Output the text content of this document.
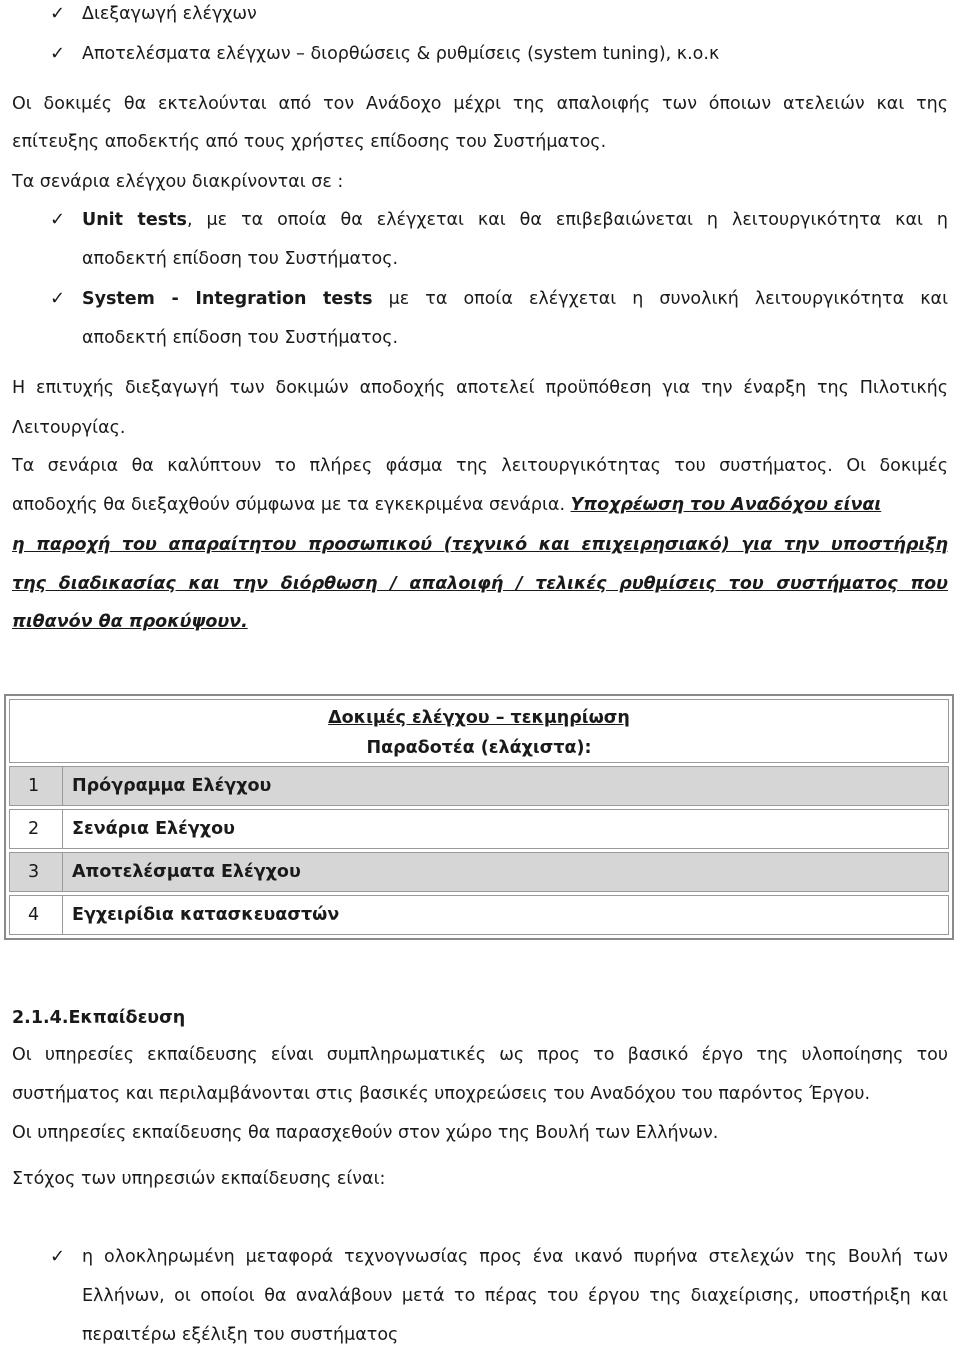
✓ Διεξαγωγή ελέγχων
✓ Αποτελέσματα ελέγχων – διορθώσεις & ρυθμίσεις (system tuning), κ.ο.κ
Οι δοκιμές θα εκτελούνται από τον Ανάδοχο μέχρι της απαλοιφής των όποιων ατελειών και της
επίτευξης αποδεκτής από τους χρήστες επίδοσης του Συστήματος.
Τα σενάρια ελέγχου διακρίνονται σε :
✓ Unit tests, με τα οποία θα ελέγχεται και θα επιβεβαιώνεται η λειτουργικότητα και η
αποδεκτή επίδοση του Συστήματος.
✓ System - Integration tests με τα οποία ελέγχεται η συνολική λειτουργικότητα και
αποδεκτή επίδοση του Συστήματος.
Η επιτυχής διεξαγωγή των δοκιμών αποδοχής αποτελεί προϋπόθεση για την έναρξη της Πιλοτικής
Λειτουργίας.
Τα σενάρια θα καλύπτουν το πλήρες φάσμα της λειτουργικότητας του συστήματος. Οι δοκιμές
αποδοχής θα διεξαχθούν σύμφωνα με τα εγκεκριμένα σενάρια. Υποχρέωση του Αναδόχου είναι
η παροχή του απαραίτητου προσωπικού (τεχνικό και επιχειρησιακό) για την υποστήριξη
της διαδικασίας και την διόρθωση / απαλοιφή / τελικές ρυθμίσεις του συστήματος που
πιθανόν θα προκύψουν.
Δοκιμές ελέγχου – τεκμηρίωση
Παραδοτέα (ελάχιστα):
1 Πρόγραμμα Ελέγχου
2 Σενάρια Ελέγχου
3 Αποτελέσματα Ελέγχου
4 Εγχειρίδια κατασκευαστών
2.1.4.Εκπαίδευση
Οι υπηρεσίες εκπαίδευσης είναι συμπληρωματικές ως προς το βασικό έργο της υλοποίησης του
συστήματος και περιλαμβάνονται στις βασικές υποχρεώσεις του Αναδόχου του παρόντος Έργου.
Οι υπηρεσίες εκπαίδευσης θα παρασχεθούν στον χώρο της Βουλή των Ελλήνων.
Στόχος των υπηρεσιών εκπαίδευσης είναι:
✓ η ολοκληρωμένη μεταφορά τεχνογνωσίας προς ένα ικανό πυρήνα στελεχών της Βουλή των
Ελλήνων, οι οποίοι θα αναλάβουν μετά το πέρας του έργου της διαχείρισης, υποστήριξη και
περαιτέρω εξέλιξη του συστήματος
